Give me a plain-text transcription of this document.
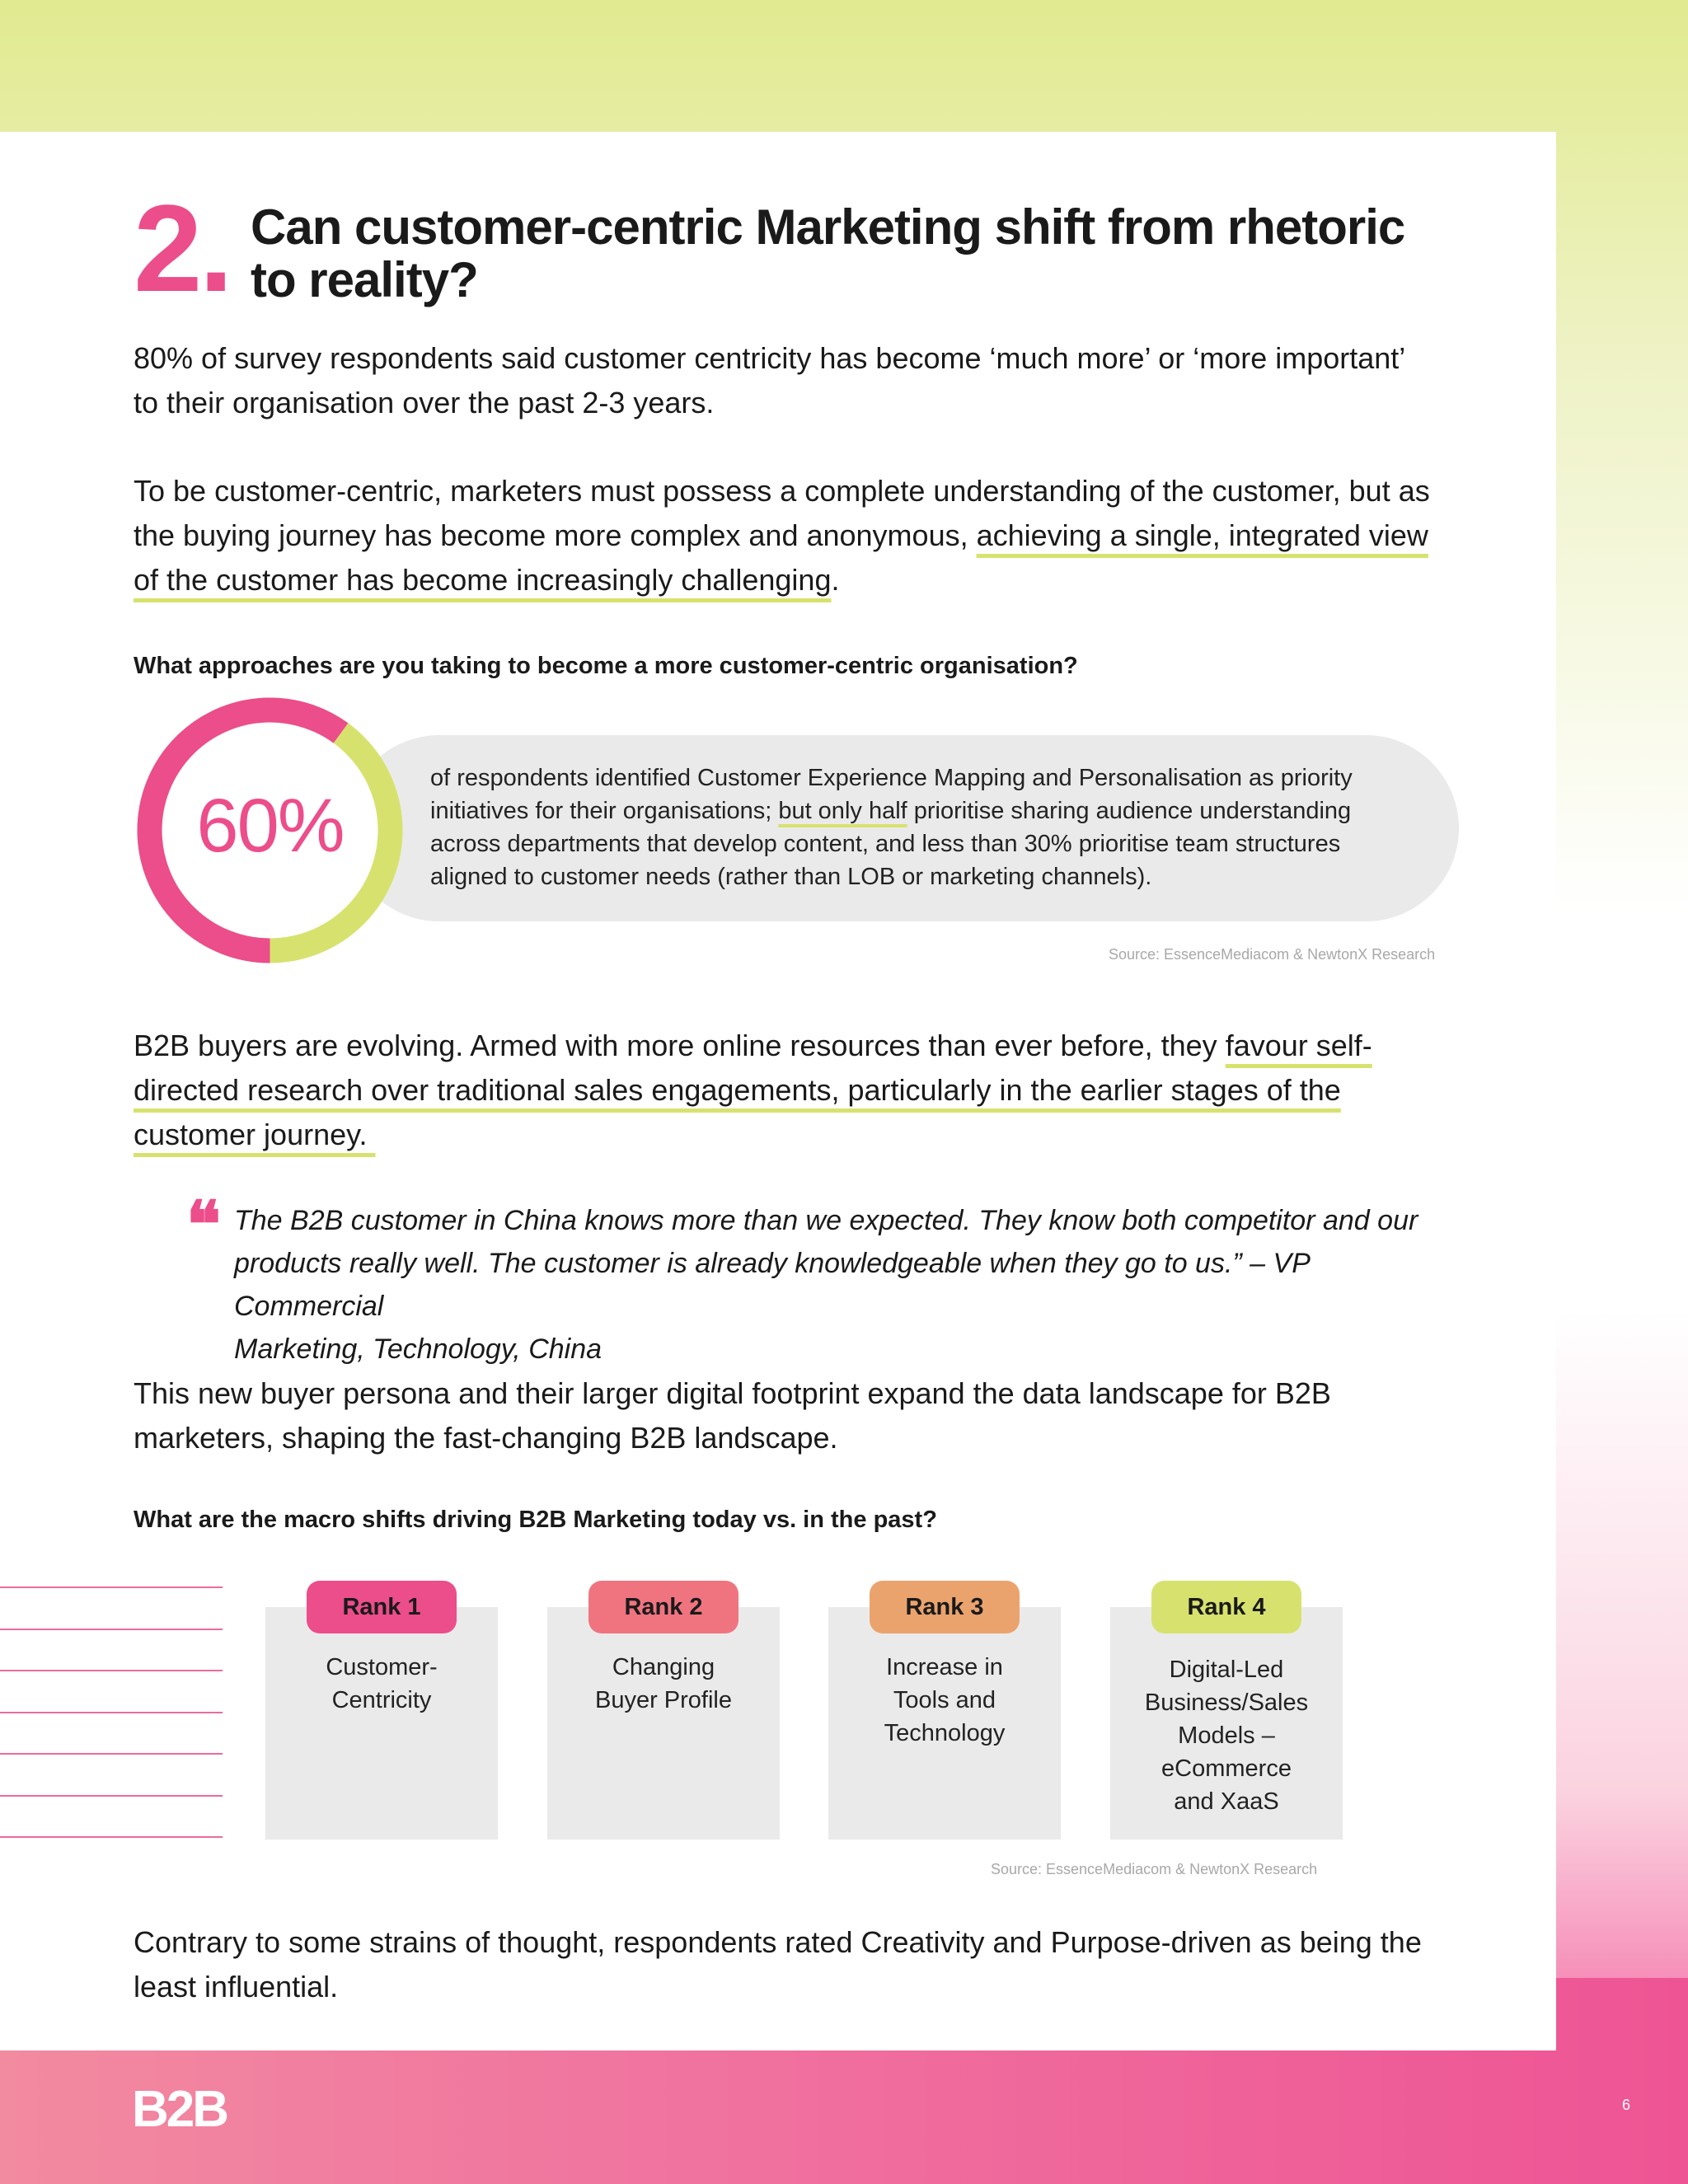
2. Can customer-centric Marketing shift from rhetoric
to reality?
80% of survey respondents said customer centricity has become ‘much more’ or ‘more important’
to their organisation over the past 2-3 years.
To be customer-centric, marketers must possess a complete understanding of the customer, but as
the buying journey has become more complex and anonymous, achieving a single, integrated view
of the customer has become increasingly challenging.
What approaches are you taking to become a more customer-centric organisation?
of respondents identified Customer Experience Mapping and Personalisation as priority
initiatives for their organisations; but only half prioritise sharing audience understanding
across departments that develop content, and less than 30% prioritise team structures
aligned to customer needs (rather than LOB or marketing channels).
60%
Source: EssenceMediacom & NewtonX Research
B2B buyers are evolving. Armed with more online resources than ever before, they favour self-
directed research over traditional sales engagements, particularly in the earlier stages of the
customer journey.
❝ The B2B customer in China knows more than we expected. They know both competitor and our
products really well. The customer is already knowledgeable when they go to us.” – VP Commercial
Marketing, Technology, China
This new buyer persona and their larger digital footprint expand the data landscape for B2B
marketers, shaping the fast-changing B2B landscape.
What are the macro shifts driving B2B Marketing today vs. in the past?
Rank 1
Customer-
Centricity
Rank 2
Changing
Buyer Profile
Rank 3
Increase in
Tools and
Technology
Rank 4
Digital-Led
Business/Sales
Models –
eCommerce
and XaaS
Source: EssenceMediacom & NewtonX Research
Contrary to some strains of thought, respondents rated Creativity and Purpose-driven as being the
least influential.
B2B	6
